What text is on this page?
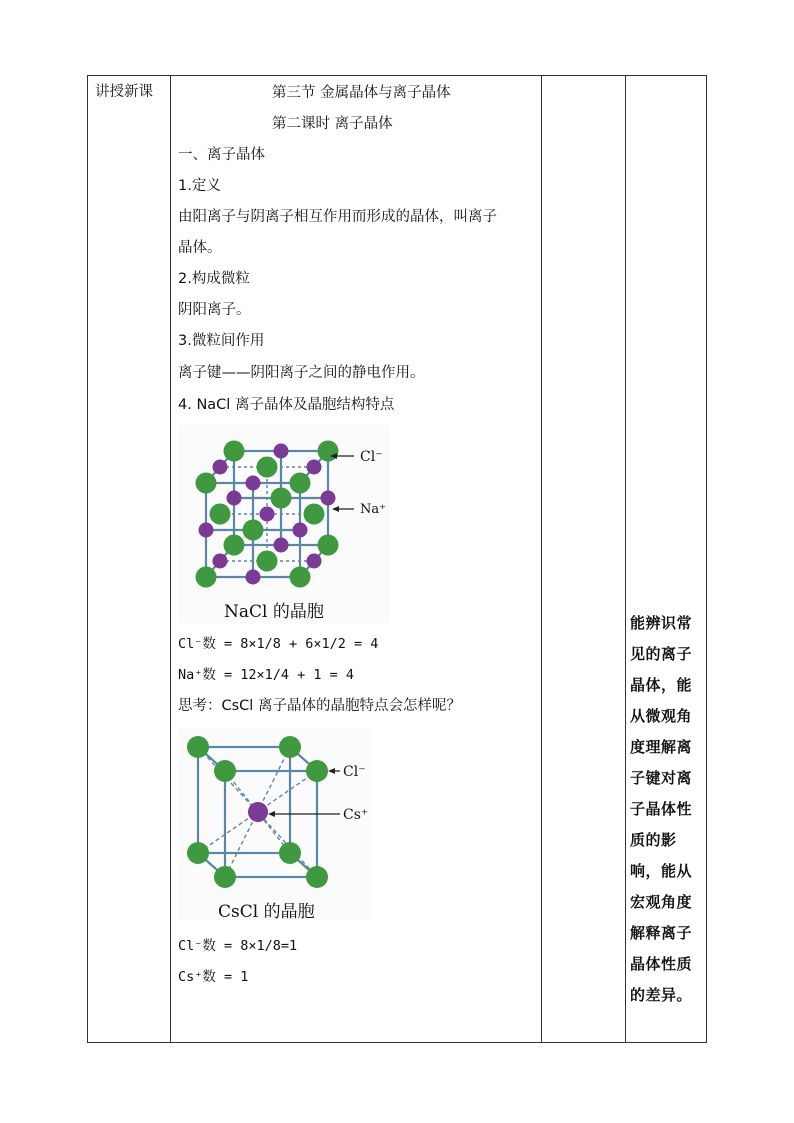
讲授新课	第三节 金属晶体与离子晶体
第二课时 离子晶体
一、离子晶体
1.定义
由阳离子与阴离子相互作用而形成的晶体，叫离子
晶体。
2.构成微粒
阴阳离子。
3.微粒间作用
离子键——阴阳离子之间的静电作用。
4. NaCl 离子晶体及晶胞结构特点
Cl⁻
Na⁺
NaCl 的晶胞
Cl⁻数 = 8×1/8 + 6×1/2 = 4
Na⁺数 = 12×1/4 + 1 = 4
思考：CsCl 离子晶体的晶胞特点会怎样呢？
Cl⁻
Cs⁺
CsCl 的晶胞
Cl⁻数 = 8×1/8=1
Cs⁺数 = 1
能辨识常
见的离子
晶体，能
从微观角
度理解离
子键对离
子晶体性
质的影
响，能从
宏观角度
解释离子
晶体性质
的差异。
